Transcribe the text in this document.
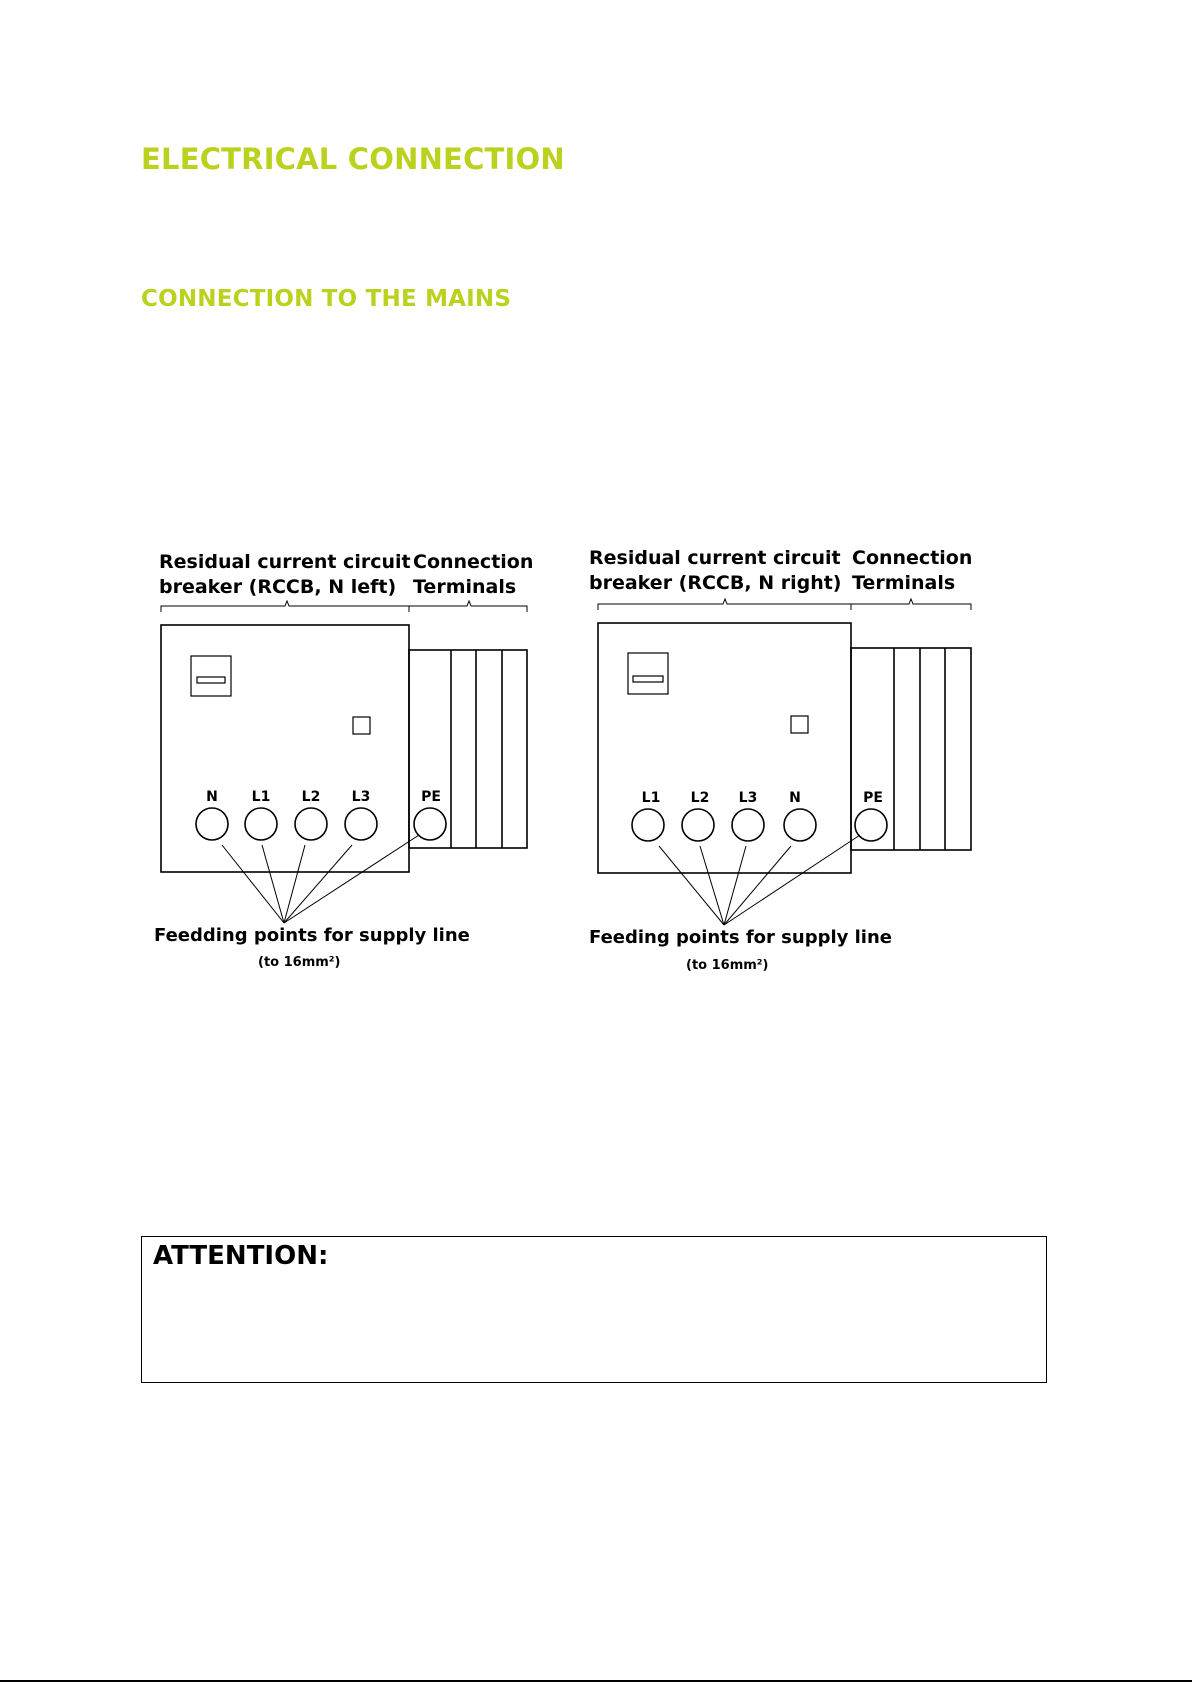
ELECTRICAL CONNECTION
CONNECTION TO THE MAINS
Residual current circuit
breaker (RCCB, N left)
Connection
Terminals
N L1 L2 L3	PE
Feedding points for supply line
(to 16mm²)
Residual current circuit
breaker (RCCB, N right)
Connection
Terminals
L1 L2 L3 N	PE
Feeding points for supply line
(to 16mm²)
ATTENTION:
